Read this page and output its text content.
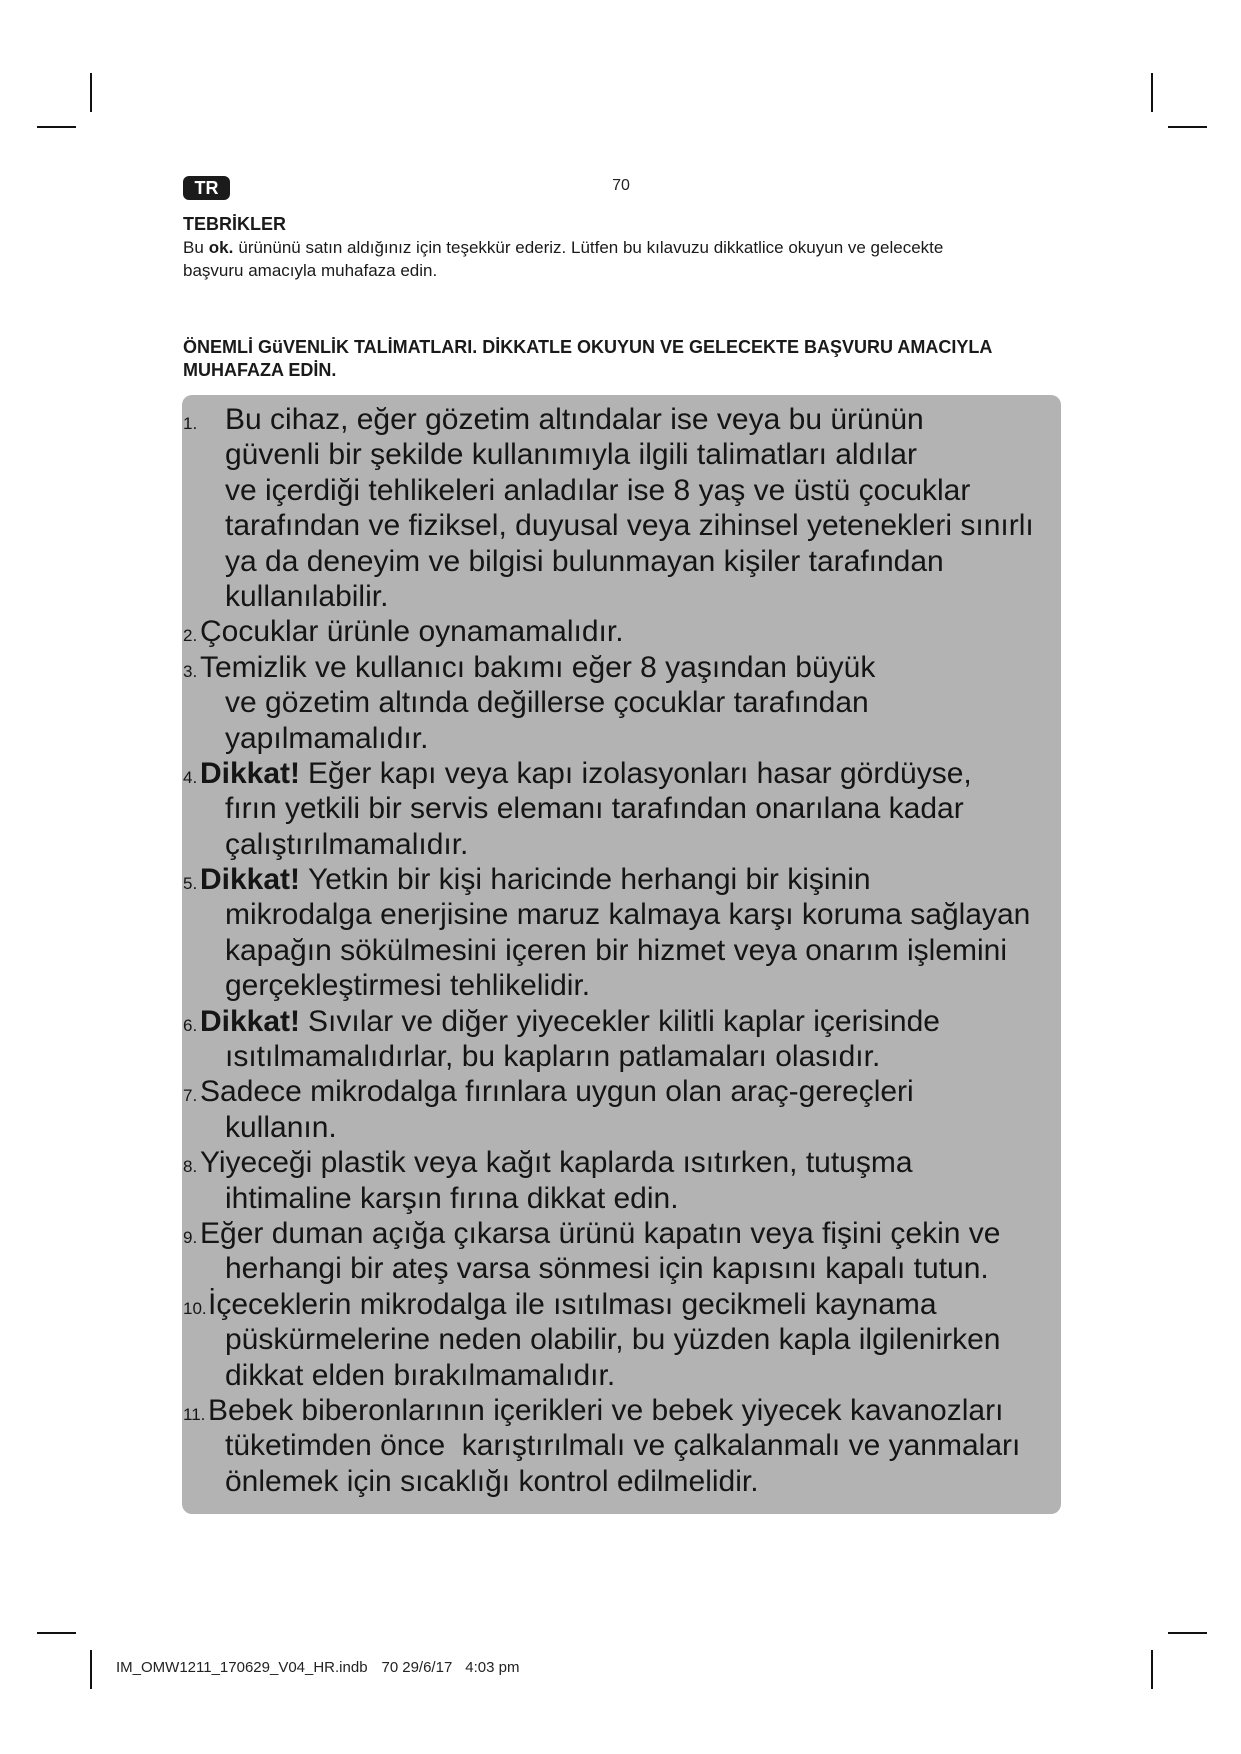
TR	70
TEBRİKLER
Bu ok. ürününü satın aldığınız için teşekkür ederiz. Lütfen bu kılavuzu dikkatlice okuyun ve gelecekte
başvuru amacıyla muhafaza edin.
ÖNEMLİ GüVENLİK TALİMATLARI. DİKKATLE OKUYUN VE GELECEKTE BAŞVURU AMACIYLA
MUHAFAZA EDİN.
1. Bu cihaz, eğer gözetim altındalar ise veya bu ürünün
güvenli bir şekilde kullanımıyla ilgili talimatları aldılar
ve içerdiği tehlikeleri anladılar ise 8 yaş ve üstü çocuklar
tarafından ve fiziksel, duyusal veya zihinsel yetenekleri sınırlı
ya da deneyim ve bilgisi bulunmayan kişiler tarafından
kullanılabilir.
2.Çocuklar ürünle oynamamalıdır.
3.Temizlik ve kullanıcı bakımı eğer 8 yaşından büyük
ve gözetim altında değillerse çocuklar tarafından
yapılmamalıdır.
4.Dikkat! Eğer kapı veya kapı izolasyonları hasar gördüyse,
fırın yetkili bir servis elemanı tarafından onarılana kadar
çalıştırılmamalıdır.
5.Dikkat! Yetkin bir kişi haricinde herhangi bir kişinin
mikrodalga enerjisine maruz kalmaya karşı koruma sağlayan
kapağın sökülmesini içeren bir hizmet veya onarım işlemini
gerçekleştirmesi tehlikelidir.
6.Dikkat! Sıvılar ve diğer yiyecekler kilitli kaplar içerisinde
ısıtılmamalıdırlar, bu kapların patlamaları olasıdır.
7.Sadece mikrodalga fırınlara uygun olan araç-gereçleri
kullanın.
8.Yiyeceği plastik veya kağıt kaplarda ısıtırken, tutuşma
ihtimaline karşın fırına dikkat edin.
9.Eğer duman açığa çıkarsa ürünü kapatın veya fişini çekin ve
herhangi bir ateş varsa sönmesi için kapısını kapalı tutun.
10.İçeceklerin mikrodalga ile ısıtılması gecikmeli kaynama
püskürmelerine neden olabilir, bu yüzden kapla ilgilenirken
dikkat elden bırakılmamalıdır.
11.Bebek biberonlarının içerikleri ve bebek yiyecek kavanozları
tüketimden önce  karıştırılmalı ve çalkalanmalı ve yanmaları
önlemek için sıcaklığı kontrol edilmelidir.
IM_OMW1211_170629_V04_HR.indb 70 29/6/17 4:03 pm
